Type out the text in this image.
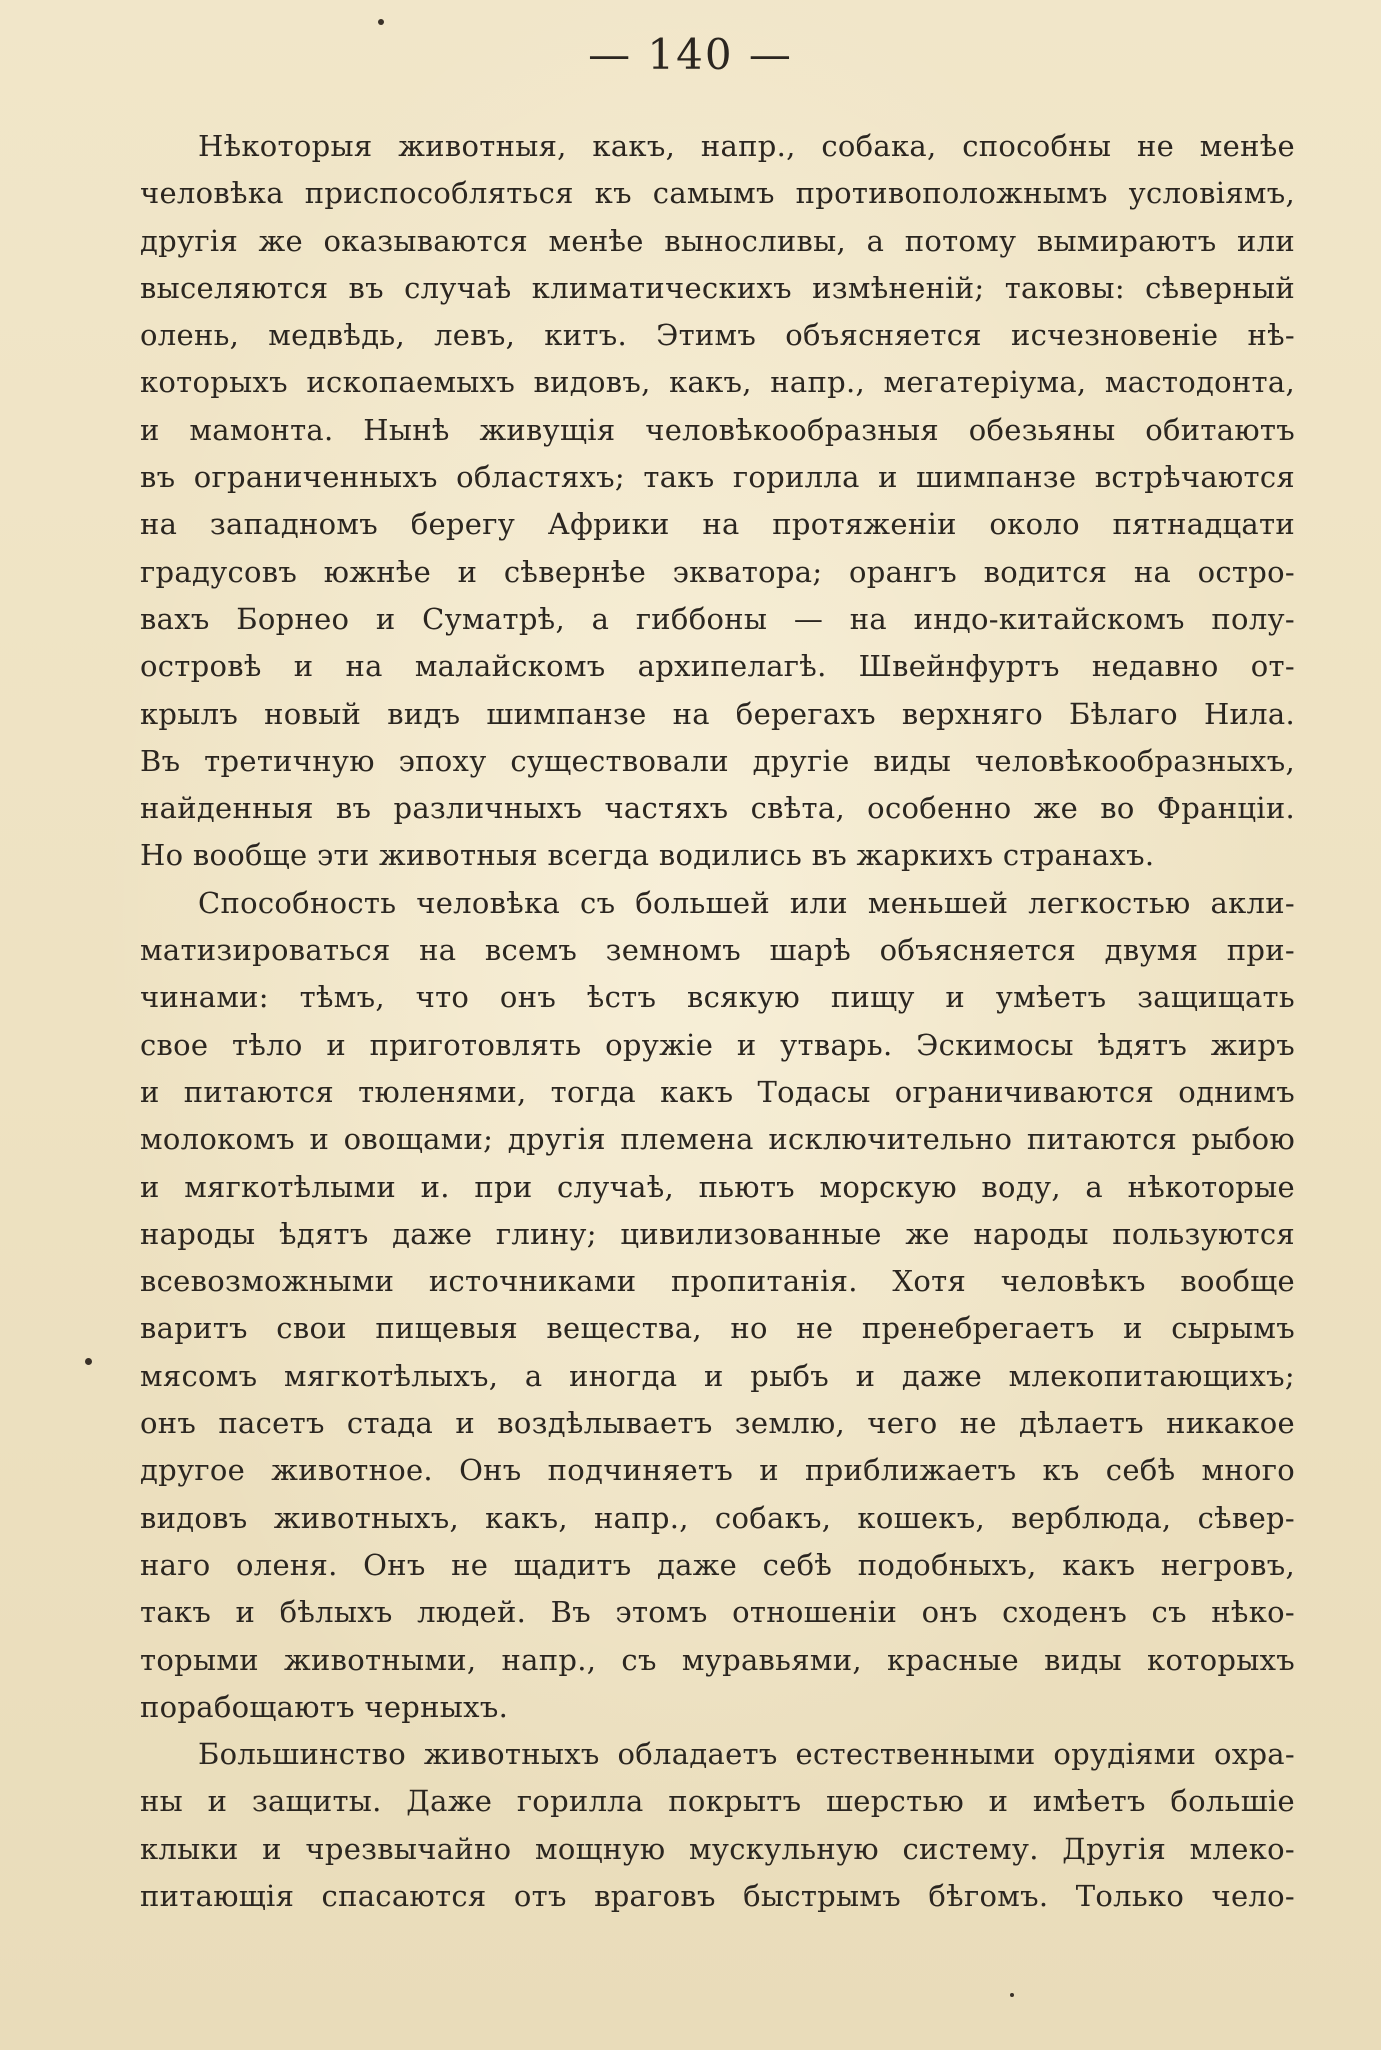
— 140 —
Нѣкоторыя животныя, какъ, напр., собака, способны не менѣе
человѣка приспособляться къ самымъ противоположнымъ условiямъ,
другiя же оказываются менѣе выносливы, а потому вымираютъ или
выселяются въ случаѣ климатическихъ измѣненiй; таковы: сѣверный
олень, медвѣдь, левъ, китъ. Этимъ объясняется исчезновенiе нѣ-
которыхъ ископаемыхъ видовъ, какъ, напр., мегатерiума, мастодонта,
и мамонта. Нынѣ живущiя человѣкообразныя обезьяны обитаютъ
въ ограниченныхъ областяхъ; такъ горилла и шимпанзе встрѣчаются
на западномъ берегу Африки на протяженiи около пятнадцати
градусовъ южнѣе и сѣвернѣе экватора; орангъ водится на остро-
вахъ Борнео и Суматрѣ, а гиббоны — на индо-китайскомъ полу-
островѣ и на малайскомъ архипелагѣ. Швейнфуртъ недавно от-
крылъ новый видъ шимпанзе на берегахъ верхняго Бѣлаго Нила.
Въ третичную эпоху существовали другiе виды человѣкообразныхъ,
найденныя въ различныхъ частяхъ свѣта, особенно же во Францiи.
Но вообще эти животныя всегда водились въ жаркихъ странахъ.
Способность человѣка съ большей или меньшей легкостью акли-
матизироваться на всемъ земномъ шарѣ объясняется двумя при-
чинами: тѣмъ, что онъ ѣстъ всякую пищу и умѣетъ защищать
свое тѣло и приготовлять оружiе и утварь. Эскимосы ѣдятъ жиръ
и питаются тюленями, тогда какъ Тодасы ограничиваются однимъ
молокомъ и овощами; другiя племена исключительно питаются рыбою
и мягкотѣлыми и. при случаѣ, пьютъ морскую воду, а нѣкоторые
народы ѣдятъ даже глину; цивилизованные же народы пользуются
всевозможными источниками пропитанiя. Хотя человѣкъ вообще
варитъ свои пищевыя вещества, но не пренебрегаетъ и сырымъ
мясомъ мягкотѣлыхъ, а иногда и рыбъ и даже млекопитающихъ;
онъ пасетъ стада и воздѣлываетъ землю, чего не дѣлаетъ никакое
другое животное. Онъ подчиняетъ и приближаетъ къ себѣ много
видовъ животныхъ, какъ, напр., собакъ, кошекъ, верблюда, сѣвер-
наго оленя. Онъ не щадитъ даже себѣ подобныхъ, какъ негровъ,
такъ и бѣлыхъ людей. Въ этомъ отношенiи онъ сходенъ съ нѣко-
торыми животными, напр., съ муравьями, красные виды которыхъ
порабощаютъ черныхъ.
Большинство животныхъ обладаетъ естественными орудiями охра-
ны и защиты. Даже горилла покрытъ шерстью и имѣетъ большiе
клыки и чрезвычайно мощную мускульную систему. Другiя млеко-
питающiя спасаются отъ враговъ быстрымъ бѣгомъ. Только чело-
